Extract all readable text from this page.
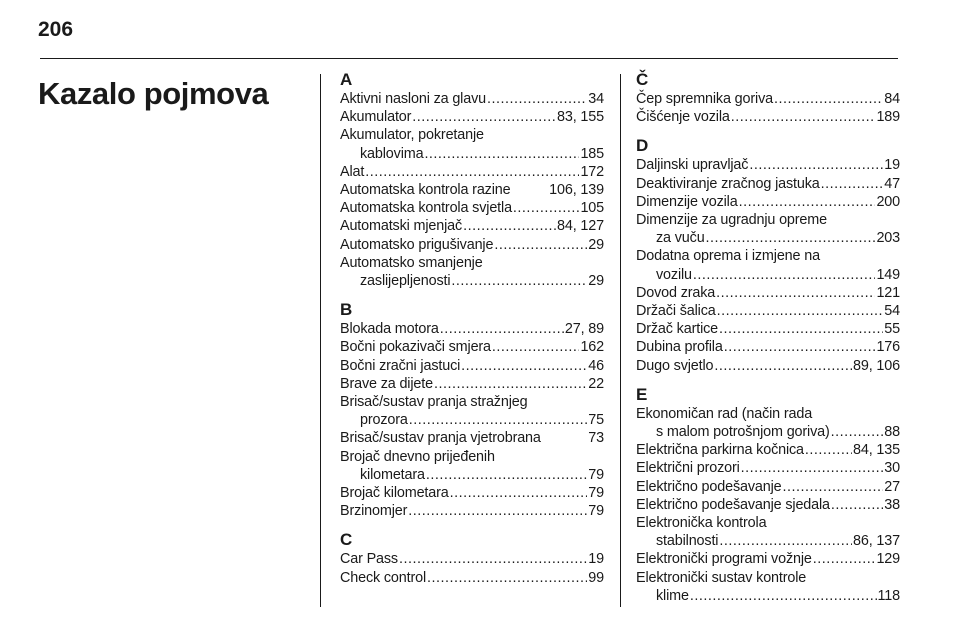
206
Kazalo pojmova	A
Aktivni nasloni za glavu .....	34
Akumulator .....	83, 155
Akumulator, pokretanje
kablovima .....	185
Alat .....	172
Automatska kontrola razine	106, 139
Automatska kontrola svjetla .....	105
Automatski mjenjač .....	84, 127
Automatsko prigušivanje .....	29
Automatsko smanjenje
zaslijepljenosti .....	29
B
Blokada motora .....	27, 89
Bočni pokazivači smjera .....	162
Bočni zračni jastuci .....	46
Brave za dijete .....	22
Brisač/sustav pranja stražnjeg
prozora .....	75
Brisač/sustav pranja vjetrobrana	73
Brojač dnevno prijeđenih
kilometara .....	79
Brojač kilometara .....	79
Brzinomjer .....	79
C
Car Pass .....	19
Check control .....	99
Č
Čep spremnika goriva .....	84
Čišćenje vozila .....	189
D
Daljinski upravljač .....	19
Deaktiviranje zračnog jastuka .....	47
Dimenzije vozila .....	200
Dimenzije za ugradnju opreme
za vuču .....	203
Dodatna oprema i izmjene na
vozilu .....	149
Dovod zraka .....	121
Držači šalica .....	54
Držač kartice .....	55
Dubina profila .....	176
Dugo svjetlo .....	89, 106
E
Ekonomičan rad (način rada
s malom potrošnjom goriva) .....	88
Električna parkirna kočnica .....	84, 135
Električni prozori .....	30
Električno podešavanje .....	27
Električno podešavanje sjedala .....	38
Elektronička kontrola
stabilnosti .....	86, 137
Elektronički programi vožnje .....	129
Elektronički sustav kontrole
klime .....	118
